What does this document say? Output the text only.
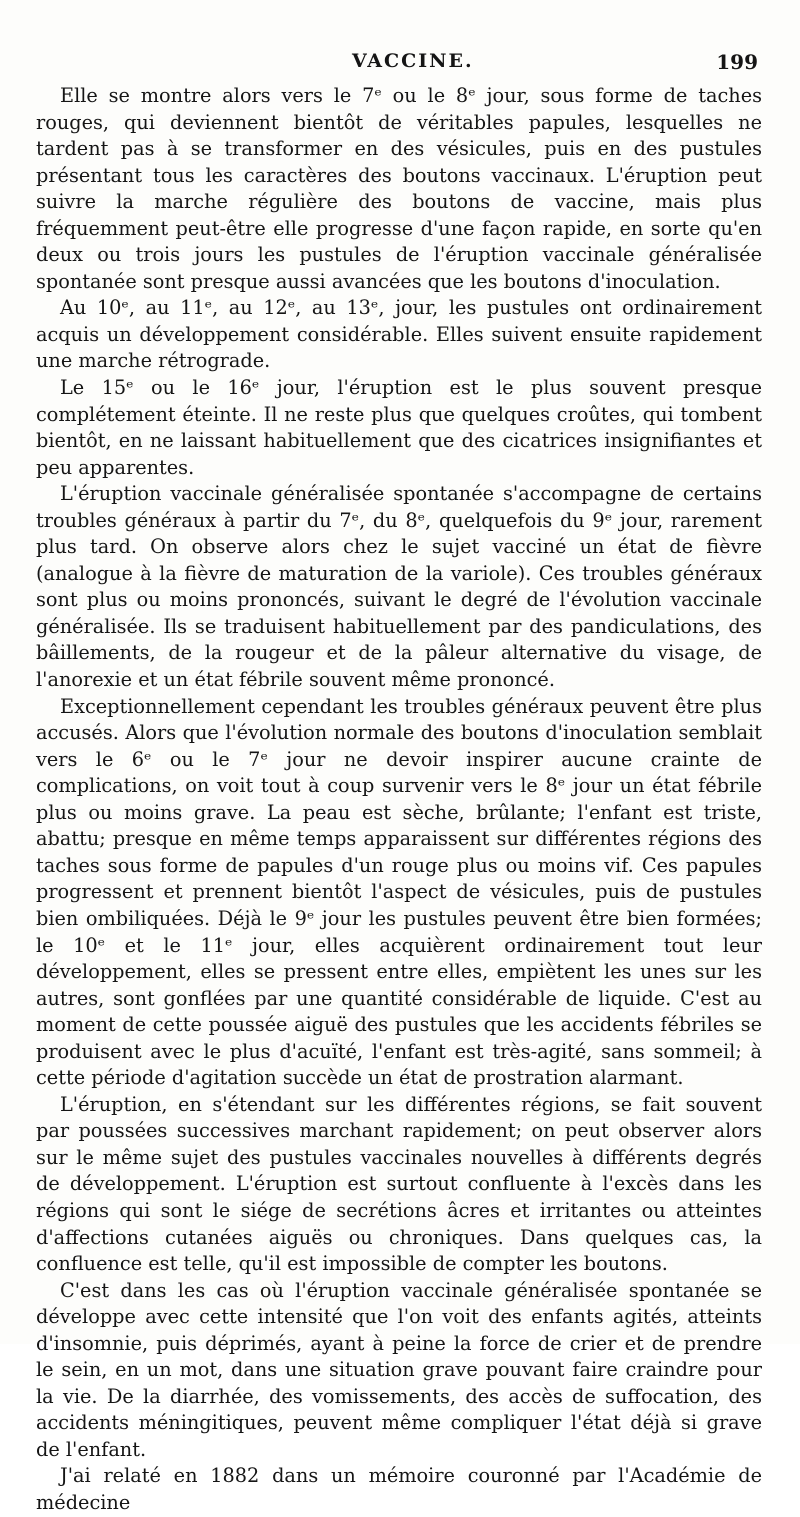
VACCINE.	199

Elle se montre alors vers le 7ᵉ ou le 8ᵉ jour, sous forme de taches rouges, qui deviennent bientôt de véritables papules, lesquelles ne tardent pas à se transformer en des vésicules, puis en des pustules présentant tous les caractères des boutons vaccinaux. L'éruption peut suivre la marche régulière des boutons de vaccine, mais plus fréquemment peut-être elle progresse d'une façon rapide, en sorte qu'en deux ou trois jours les pustules de l'éruption vaccinale généralisée spontanée sont presque aussi avancées que les boutons d'inoculation.

Au 10ᵉ, au 11ᵉ, au 12ᵉ, au 13ᵉ, jour, les pustules ont ordinairement acquis un développement considérable. Elles suivent ensuite rapidement une marche rétrograde.

Le 15ᵉ ou le 16ᵉ jour, l'éruption est le plus souvent presque complétement éteinte. Il ne reste plus que quelques croûtes, qui tombent bientôt, en ne laissant habituellement que des cicatrices insignifiantes et peu apparentes.

L'éruption vaccinale généralisée spontanée s'accompagne de certains troubles généraux à partir du 7ᵉ, du 8ᵉ, quelquefois du 9ᵉ jour, rarement plus tard. On observe alors chez le sujet vacciné un état de fièvre (analogue à la fièvre de maturation de la variole). Ces troubles généraux sont plus ou moins prononcés, suivant le degré de l'évolution vaccinale généralisée. Ils se traduisent habituellement par des pandiculations, des bâillements, de la rougeur et de la pâleur alternative du visage, de l'anorexie et un état fébrile souvent même prononcé.

Exceptionnellement cependant les troubles généraux peuvent être plus accusés. Alors que l'évolution normale des boutons d'inoculation semblait vers le 6ᵉ ou le 7ᵉ jour ne devoir inspirer aucune crainte de complications, on voit tout à coup survenir vers le 8ᵉ jour un état fébrile plus ou moins grave. La peau est sèche, brûlante; l'enfant est triste, abattu; presque en même temps apparaissent sur différentes régions des taches sous forme de papules d'un rouge plus ou moins vif. Ces papules progressent et prennent bientôt l'aspect de vésicules, puis de pustules bien ombiliquées. Déjà le 9ᵉ jour les pustules peuvent être bien formées; le 10ᵉ et le 11ᵉ jour, elles acquièrent ordinairement tout leur développement, elles se pressent entre elles, empiètent les unes sur les autres, sont gonflées par une quantité considérable de liquide. C'est au moment de cette poussée aiguë des pustules que les accidents fébriles se produisent avec le plus d'acuïté, l'enfant est très-agité, sans sommeil; à cette période d'agitation succède un état de prostration alarmant.

L'éruption, en s'étendant sur les différentes régions, se fait souvent par poussées successives marchant rapidement; on peut observer alors sur le même sujet des pustules vaccinales nouvelles à différents degrés de développement. L'éruption est surtout confluente à l'excès dans les régions qui sont le siége de secrétions âcres et irritantes ou atteintes d'affections cutanées aiguës ou chroniques. Dans quelques cas, la confluence est telle, qu'il est impossible de compter les boutons.

C'est dans les cas où l'éruption vaccinale généralisée spontanée se développe avec cette intensité que l'on voit des enfants agités, atteints d'insomnie, puis déprimés, ayant à peine la force de crier et de prendre le sein, en un mot, dans une situation grave pouvant faire craindre pour la vie. De la diarrhée, des vomissements, des accès de suffocation, des accidents méningitiques, peuvent même compliquer l'état déjà si grave de l'enfant.

J'ai relaté en 1882 dans un mémoire couronné par l'Académie de médecine
